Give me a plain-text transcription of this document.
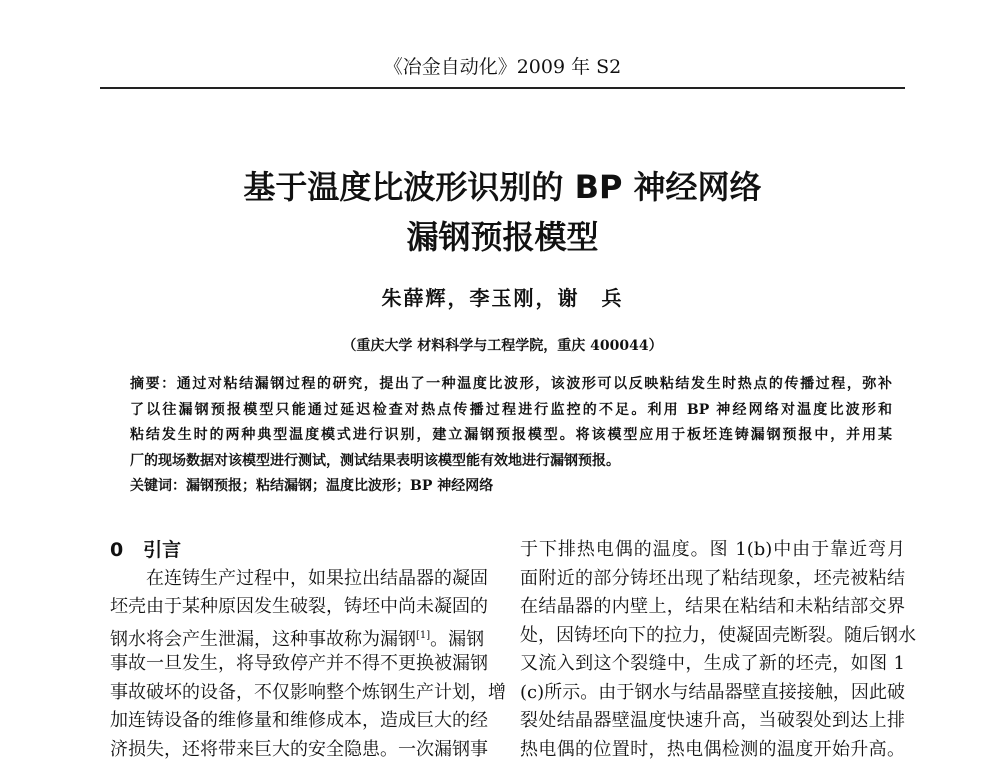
《冶金自动化》2009 年 S2
基于温度比波形识别的 BP 神经网络
漏钢预报模型
朱薛辉，李玉刚，谢　兵
（重庆大学 材料科学与工程学院，重庆 400044）
摘要：通过对粘结漏钢过程的研究，提出了一种温度比波形，该波形可以反映粘结发生时热点的传播过程，弥补
了以往漏钢预报模型只能通过延迟检查对热点传播过程进行监控的不足。利用 BP 神经网络对温度比波形和
粘结发生时的两种典型温度模式进行识别，建立漏钢预报模型。将该模型应用于板坯连铸漏钢预报中，并用某
厂的现场数据对该模型进行测试，测试结果表明该模型能有效地进行漏钢预报。
关键词：漏钢预报；粘结漏钢；温度比波形；BP 神经网络
0 引言
在连铸生产过程中，如果拉出结晶器的凝固
坯壳由于某种原因发生破裂，铸坯中尚未凝固的
钢水将会产生泄漏，这种事故称为漏钢[1]。漏钢
事故一旦发生，将导致停产并不得不更换被漏钢
事故破坏的设备，不仅影响整个炼钢生产计划，增
加连铸设备的维修量和维修成本，造成巨大的经
济损失，还将带来巨大的安全隐患。一次漏钢事
于下排热电偶的温度。图 1(b)中由于靠近弯月
面附近的部分铸坯出现了粘结现象，坯壳被粘结
在结晶器的内壁上，结果在粘结和未粘结部交界
处，因铸坯向下的拉力，使凝固壳断裂。随后钢水
又流入到这个裂缝中，生成了新的坯壳，如图 1
(c)所示。由于钢水与结晶器壁直接接触，因此破
裂处结晶器壁温度快速升高，当破裂处到达上排
热电偶的位置时，热电偶检测的温度开始升高。
